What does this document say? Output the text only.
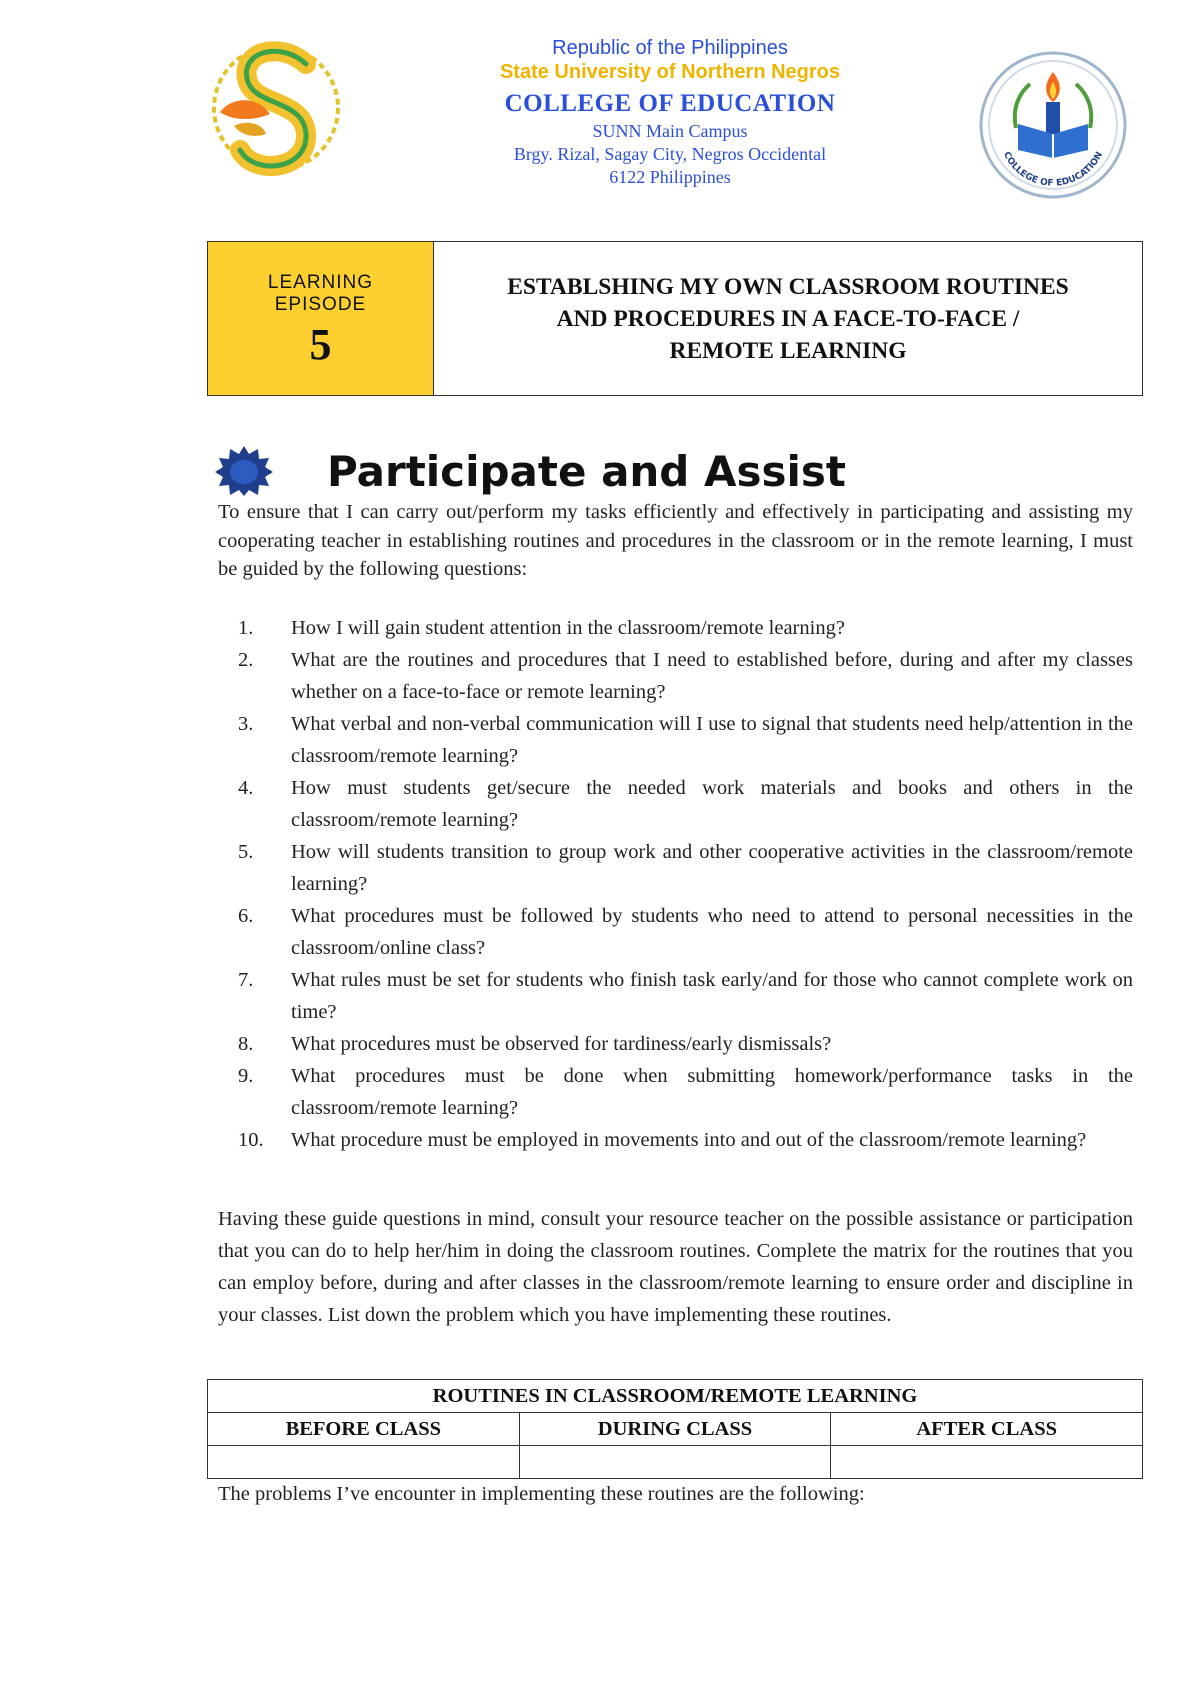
Republic of the Philippines
State University of Northern Negros
COLLEGE OF EDUCATION
SUNN Main Campus
Brgy. Rizal, Sagay City, Negros Occidental
6122 Philippines
COLLEGE OF EDUCATION
LEARNING
EPISODE
5
ESTABLSHING MY OWN CLASSROOM ROUTINES
AND PROCEDURES IN A FACE-TO-FACE /
REMOTE LEARNING
Participate and Assist

To ensure that I can carry out/perform my tasks efficiently and effectively in participating and assisting my cooperating teacher in establishing routines and procedures in the classroom or in the remote learning, I must be guided by the following questions:

1.	How I will gain student attention in the classroom/remote learning?
2.	What are the routines and procedures that I need to established before, during and after my classes whether on a face-to-face or remote learning?
3.	What verbal and non-verbal communication will I use to signal that students need help/attention in the classroom/remote learning?
4.	How must students get/secure the needed work materials and books and others in the classroom/remote learning?
5.	How will students transition to group work and other cooperative activities in the classroom/remote learning?
6.	What procedures must be followed by students who need to attend to personal necessities in the classroom/online class?
7.	What rules must be set for students who finish task early/and for those who cannot complete work on time?
8.	What procedures must be observed for tardiness/early dismissals?
9.	What procedures must be done when submitting homework/performance tasks in the classroom/remote learning?
10.	What procedure must be employed in movements into and out of the classroom/remote learning?

Having these guide questions in mind, consult your resource teacher on the possible assistance or participation that you can do to help her/him in doing the classroom routines. Complete the matrix for the routines that you can employ before, during and after classes in the classroom/remote learning to ensure order and discipline in your classes. List down the problem which you have implementing these routines.

ROUTINES IN CLASSROOM/REMOTE LEARNING		
BEFORE CLASS	DURING CLASS	AFTER CLASS

The problems I’ve encounter in implementing these routines are the following:
